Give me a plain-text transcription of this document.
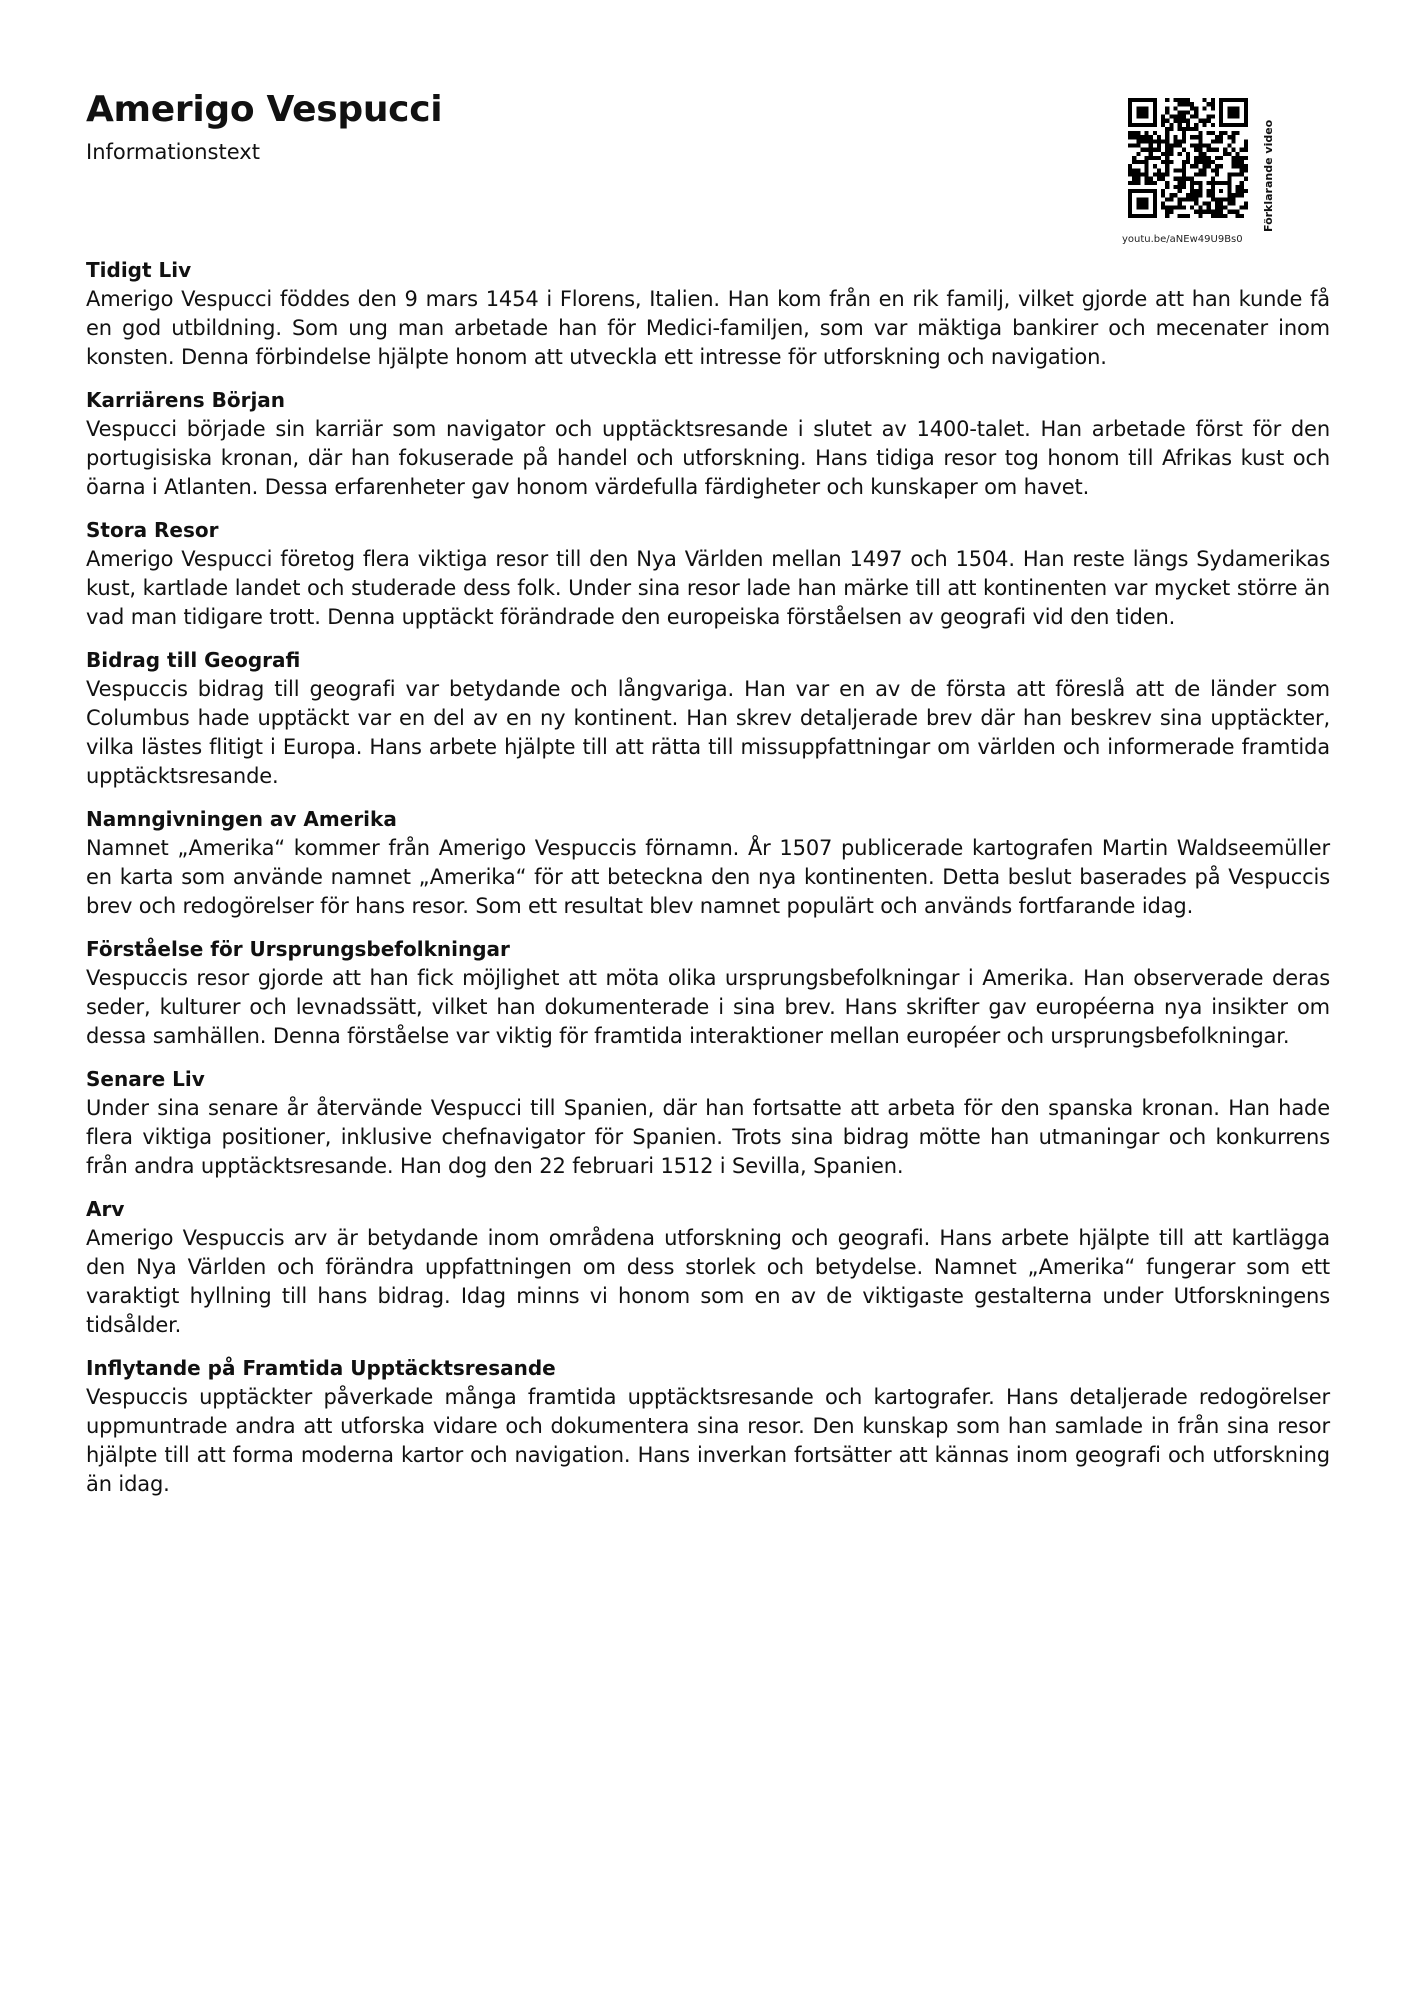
Amerigo Vespucci
Informationstext
youtu.be/aNEw49U9Bs0
Förklarande video
Tidigt Liv

Amerigo Vespucci föddes den 9 mars 1454 i Florens, Italien. Han kom från en rik familj, vilket gjorde att han kunde få en god utbildning. Som ung man arbetade han för Medici-familjen, som var mäktiga bankirer och mecenater inom konsten. Denna förbindelse hjälpte honom att utveckla ett intresse för utforskning och navigation.

Karriärens Början

Vespucci började sin karriär som navigator och upptäcktsresande i slutet av 1400-talet. Han arbetade först för den portugisiska kronan, där han fokuserade på handel och utforskning. Hans tidiga resor tog honom till Afrikas kust och öarna i Atlanten. Dessa erfarenheter gav honom värdefulla färdigheter och kunskaper om havet.

Stora Resor

Amerigo Vespucci företog flera viktiga resor till den Nya Världen mellan 1497 och 1504. Han reste längs Sydamerikas kust, kartlade landet och studerade dess folk. Under sina resor lade han märke till att kontinenten var mycket större än vad man tidigare trott. Denna upptäckt förändrade den europeiska förståelsen av geografi vid den tiden.

Bidrag till Geografi

Vespuccis bidrag till geografi var betydande och långvariga. Han var en av de första att föreslå att de länder som Columbus hade upptäckt var en del av en ny kontinent. Han skrev detaljerade brev där han beskrev sina upptäckter, vilka lästes flitigt i Europa. Hans arbete hjälpte till att rätta till missuppfattningar om världen och informerade framtida upptäcktsresande.

Namngivningen av Amerika

Namnet „Amerika“ kommer från Amerigo Vespuccis förnamn. År 1507 publicerade kartografen Martin Waldseemüller en karta som använde namnet „Amerika“ för att beteckna den nya kontinenten. Detta beslut baserades på Vespuccis brev och redogörelser för hans resor. Som ett resultat blev namnet populärt och används fortfarande idag.

Förståelse för Ursprungsbefolkningar

Vespuccis resor gjorde att han fick möjlighet att möta olika ursprungsbefolkningar i Amerika. Han observerade deras seder, kulturer och levnadssätt, vilket han dokumenterade i sina brev. Hans skrifter gav européerna nya insikter om dessa samhällen. Denna förståelse var viktig för framtida interaktioner mellan européer och ursprungsbefolkningar.

Senare Liv

Under sina senare år återvände Vespucci till Spanien, där han fortsatte att arbeta för den spanska kronan. Han hade flera viktiga positioner, inklusive chefnavigator för Spanien. Trots sina bidrag mötte han utmaningar och konkurrens från andra upptäcktsresande. Han dog den 22 februari 1512 i Sevilla, Spanien.

Arv

Amerigo Vespuccis arv är betydande inom områdena utforskning och geografi. Hans arbete hjälpte till att kartlägga den Nya Världen och förändra uppfattningen om dess storlek och betydelse. Namnet „Amerika“ fungerar som ett varaktigt hyllning till hans bidrag. Idag minns vi honom som en av de viktigaste gestalterna under Utforskningens tidsålder.

Inflytande på Framtida Upptäcktsresande

Vespuccis upptäckter påverkade många framtida upptäcktsresande och kartografer. Hans detaljerade redogörelser uppmuntrade andra att utforska vidare och dokumentera sina resor. Den kunskap som han samlade in från sina resor hjälpte till att forma moderna kartor och navigation. Hans inverkan fortsätter att kännas inom geografi och utforskning än idag.
